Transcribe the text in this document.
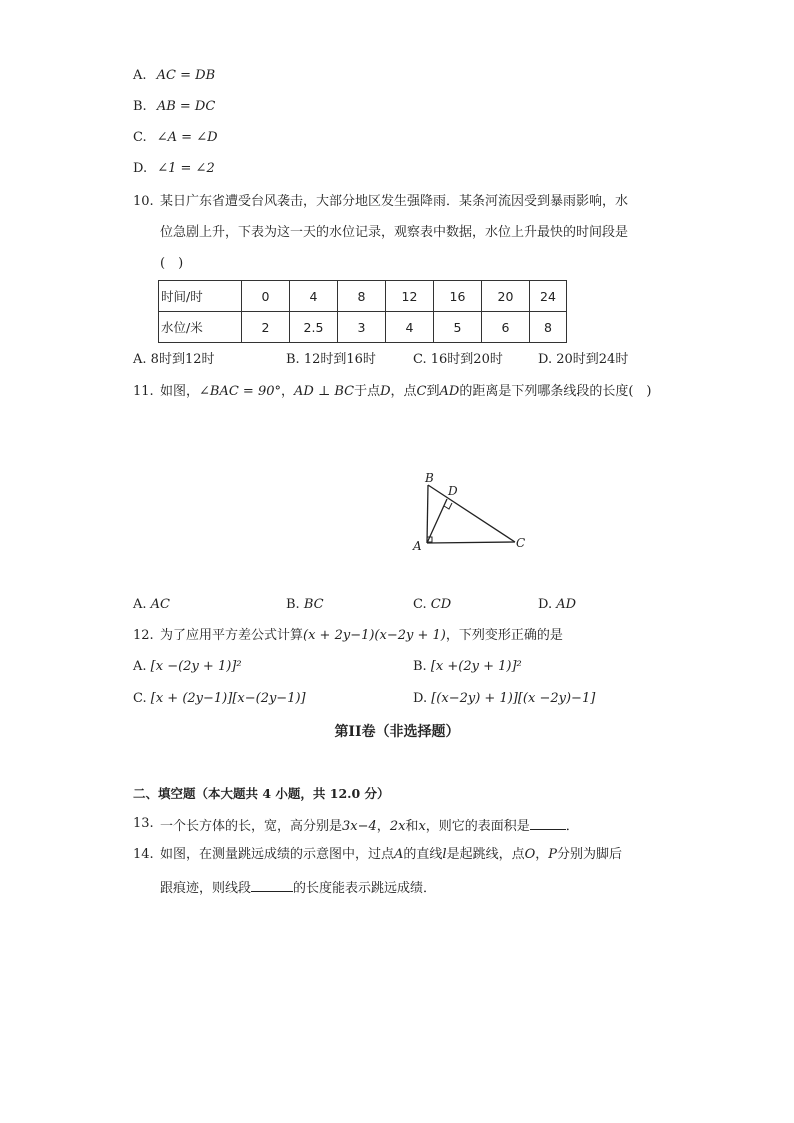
A. AC = DB
B. AB = DC
C. ∠A = ∠D
D. ∠1 = ∠2
10. 某日广东省遭受台风袭击，大部分地区发生强降雨．某条河流因受到暴雨影响，水
位急剧上升，下表为这一天的水位记录，观察表中数据，水位上升最快的时间段是
(　)
时间/时	0	4	8	12	16	20	24
水位/米	2	2.5	3	4	5	6	8
A. 8时到12时	B. 12时到16时	C. 16时到20时	D. 20时到24时
11. 如图，∠BAC = 90°，AD ⊥ BC于点D，点C到AD的距离是下列哪条线段的长度(　)
B
D
A	C
A. AC	B. BC	C. CD	D. AD
12. 为了应用平方差公式计算(x + 2y−1)(x−2y + 1)，下列变形正确的是
A. [x −(2y + 1)]²	B. [x +(2y + 1)]²
C. [x + (2y−1)][x−(2y−1)]	D. [(x−2y) + 1)][(x −2y)−1]
第II卷（非选择题）
二、填空题（本大题共 4 小题，共 12.0 分）
13. 一个长方体的长，宽，高分别是3x−4，2x和x，则它的表面积是	．
14. 如图，在测量跳远成绩的示意图中，过点A的直线l是起跳线，点O，P分别为脚后
跟痕迹，则线段	的长度能表示跳远成绩．
